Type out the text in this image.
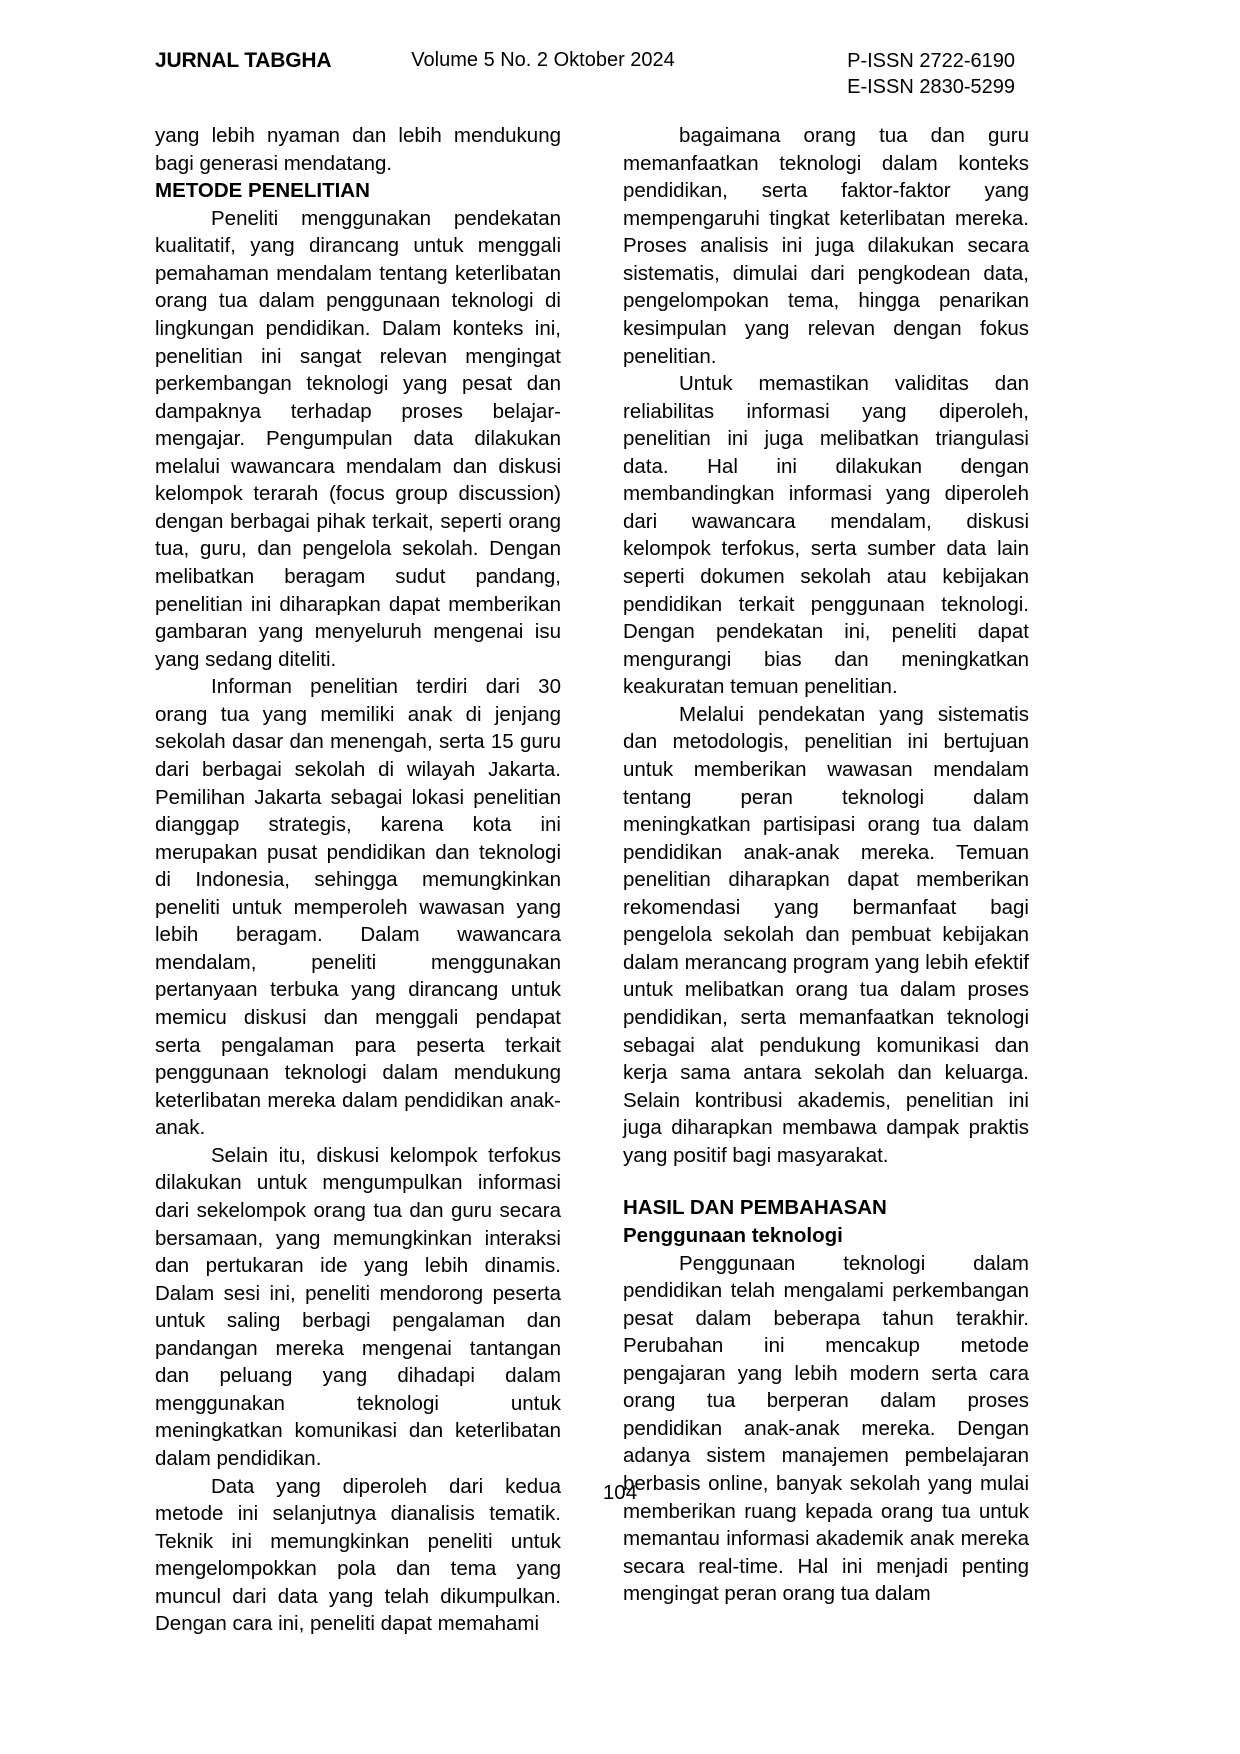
JURNAL TABGHA	Volume 5 No. 2 Oktober 2024	P-ISSN 2722-6190
E-ISSN 2830-5299

yang lebih nyaman dan lebih mendukung bagi generasi mendatang.

METODE PENELITIAN

Peneliti menggunakan pendekatan kualitatif, yang dirancang untuk menggali pemahaman mendalam tentang keterlibatan orang tua dalam penggunaan teknologi di lingkungan pendidikan. Dalam konteks ini, penelitian ini sangat relevan mengingat perkembangan teknologi yang pesat dan dampaknya terhadap proses belajar-mengajar. Pengumpulan data dilakukan melalui wawancara mendalam dan diskusi kelompok terarah (focus group discussion) dengan berbagai pihak terkait, seperti orang tua, guru, dan pengelola sekolah. Dengan melibatkan beragam sudut pandang, penelitian ini diharapkan dapat memberikan gambaran yang menyeluruh mengenai isu yang sedang diteliti.

Informan penelitian terdiri dari 30 orang tua yang memiliki anak di jenjang sekolah dasar dan menengah, serta 15 guru dari berbagai sekolah di wilayah Jakarta. Pemilihan Jakarta sebagai lokasi penelitian dianggap strategis, karena kota ini merupakan pusat pendidikan dan teknologi di Indonesia, sehingga memungkinkan peneliti untuk memperoleh wawasan yang lebih beragam. Dalam wawancara mendalam, peneliti menggunakan pertanyaan terbuka yang dirancang untuk memicu diskusi dan menggali pendapat serta pengalaman para peserta terkait penggunaan teknologi dalam mendukung keterlibatan mereka dalam pendidikan anak-anak.

Selain itu, diskusi kelompok terfokus dilakukan untuk mengumpulkan informasi dari sekelompok orang tua dan guru secara bersamaan, yang memungkinkan interaksi dan pertukaran ide yang lebih dinamis. Dalam sesi ini, peneliti mendorong peserta untuk saling berbagi pengalaman dan pandangan mereka mengenai tantangan dan peluang yang dihadapi dalam menggunakan teknologi untuk meningkatkan komunikasi dan keterlibatan dalam pendidikan.

Data yang diperoleh dari kedua metode ini selanjutnya dianalisis tematik. Teknik ini memungkinkan peneliti untuk mengelompokkan pola dan tema yang muncul dari data yang telah dikumpulkan. Dengan cara ini, peneliti dapat memahami

bagaimana orang tua dan guru memanfaatkan teknologi dalam konteks pendidikan, serta faktor-faktor yang mempengaruhi tingkat keterlibatan mereka. Proses analisis ini juga dilakukan secara sistematis, dimulai dari pengkodean data, pengelompokan tema, hingga penarikan kesimpulan yang relevan dengan fokus penelitian.

Untuk memastikan validitas dan reliabilitas informasi yang diperoleh, penelitian ini juga melibatkan triangulasi data. Hal ini dilakukan dengan membandingkan informasi yang diperoleh dari wawancara mendalam, diskusi kelompok terfokus, serta sumber data lain seperti dokumen sekolah atau kebijakan pendidikan terkait penggunaan teknologi. Dengan pendekatan ini, peneliti dapat mengurangi bias dan meningkatkan keakuratan temuan penelitian.

Melalui pendekatan yang sistematis dan metodologis, penelitian ini bertujuan untuk memberikan wawasan mendalam tentang peran teknologi dalam meningkatkan partisipasi orang tua dalam pendidikan anak-anak mereka. Temuan penelitian diharapkan dapat memberikan rekomendasi yang bermanfaat bagi pengelola sekolah dan pembuat kebijakan dalam merancang program yang lebih efektif untuk melibatkan orang tua dalam proses pendidikan, serta memanfaatkan teknologi sebagai alat pendukung komunikasi dan kerja sama antara sekolah dan keluarga. Selain kontribusi akademis, penelitian ini juga diharapkan membawa dampak praktis yang positif bagi masyarakat.

HASIL DAN PEMBAHASAN
Penggunaan teknologi

Penggunaan teknologi dalam pendidikan telah mengalami perkembangan pesat dalam beberapa tahun terakhir. Perubahan ini mencakup metode pengajaran yang lebih modern serta cara orang tua berperan dalam proses pendidikan anak-anak mereka. Dengan adanya sistem manajemen pembelajaran berbasis online, banyak sekolah yang mulai memberikan ruang kepada orang tua untuk memantau informasi akademik anak mereka secara real-time. Hal ini menjadi penting mengingat peran orang tua dalam

104
